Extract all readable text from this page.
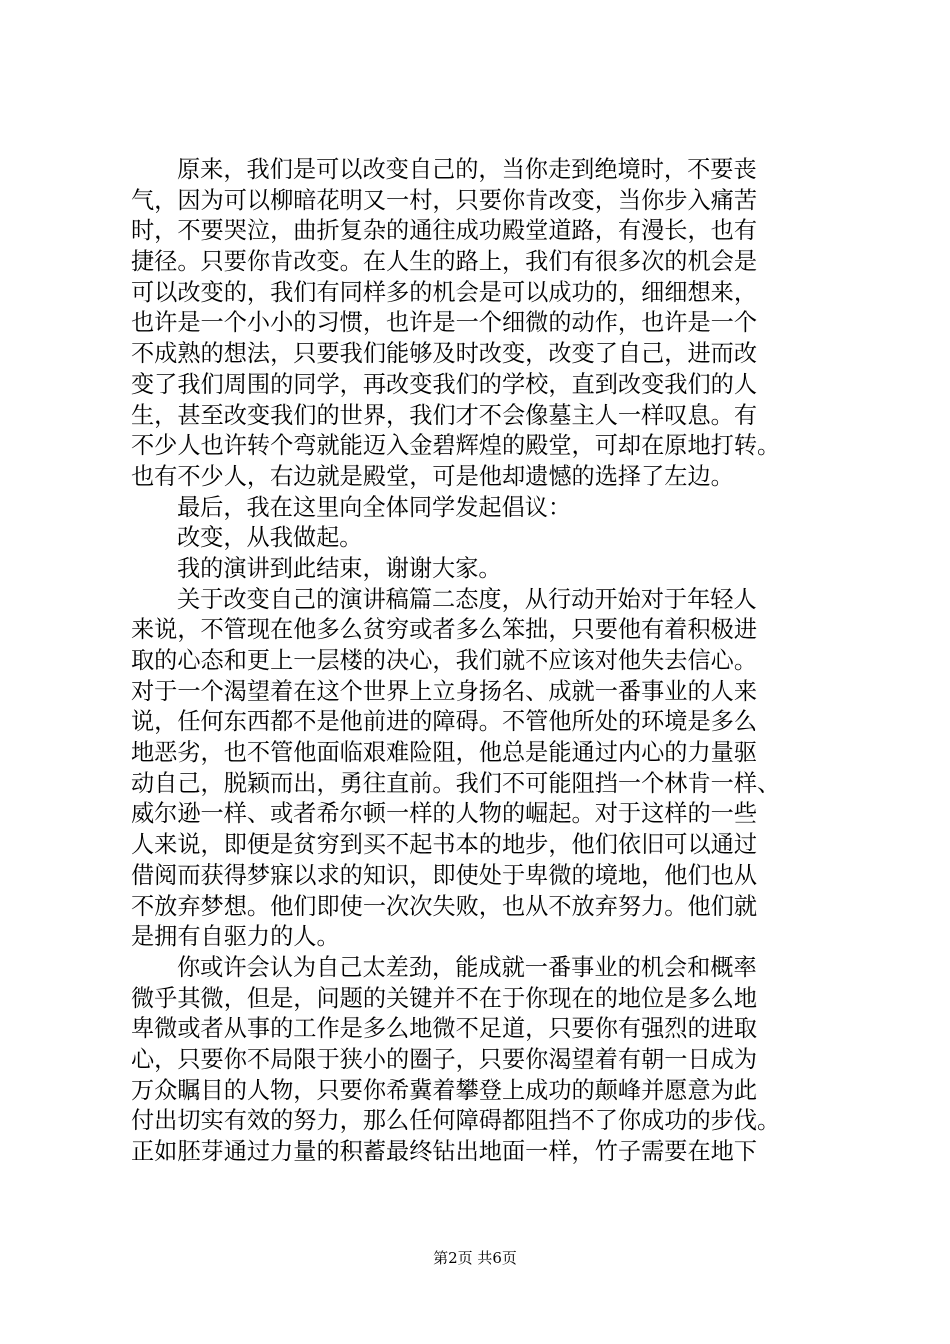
原来，我们是可以改变自己的，当你走到绝境时，不要丧
气，因为可以柳暗花明又一村，只要你肯改变，当你步入痛苦
时，不要哭泣，曲折复杂的通往成功殿堂道路，有漫长，也有
捷径。只要你肯改变。在人生的路上，我们有很多次的机会是
可以改变的，我们有同样多的机会是可以成功的，细细想来，
也许是一个小小的习惯，也许是一个细微的动作，也许是一个
不成熟的想法，只要我们能够及时改变，改变了自己，进而改
变了我们周围的同学，再改变我们的学校，直到改变我们的人
生，甚至改变我们的世界，我们才不会像墓主人一样叹息。有
不少人也许转个弯就能迈入金碧辉煌的殿堂，可却在原地打转。
也有不少人，右边就是殿堂，可是他却遗憾的选择了左边。
最后，我在这里向全体同学发起倡议：
改变，从我做起。
我的演讲到此结束，谢谢大家。
关于改变自己的演讲稿篇二态度，从行动开始对于年轻人
来说，不管现在他多么贫穷或者多么笨拙，只要他有着积极进
取的心态和更上一层楼的决心，我们就不应该对他失去信心。
对于一个渴望着在这个世界上立身扬名、成就一番事业的人来
说，任何东西都不是他前进的障碍。不管他所处的环境是多么
地恶劣，也不管他面临艰难险阻，他总是能通过内心的力量驱
动自己，脱颖而出，勇往直前。我们不可能阻挡一个林肯一样、
威尔逊一样、或者希尔顿一样的人物的崛起。对于这样的一些
人来说，即便是贫穷到买不起书本的地步，他们依旧可以通过
借阅而获得梦寐以求的知识，即使处于卑微的境地，他们也从
不放弃梦想。他们即使一次次失败，也从不放弃努力。他们就
是拥有自驱力的人。
你或许会认为自己太差劲，能成就一番事业的机会和概率
微乎其微，但是，问题的关键并不在于你现在的地位是多么地
卑微或者从事的工作是多么地微不足道，只要你有强烈的进取
心，只要你不局限于狭小的圈子，只要你渴望着有朝一日成为
万众瞩目的人物，只要你希冀着攀登上成功的颠峰并愿意为此
付出切实有效的努力，那么任何障碍都阻挡不了你成功的步伐。
正如胚芽通过力量的积蓄最终钻出地面一样，竹子需要在地下
第2页 共6页
